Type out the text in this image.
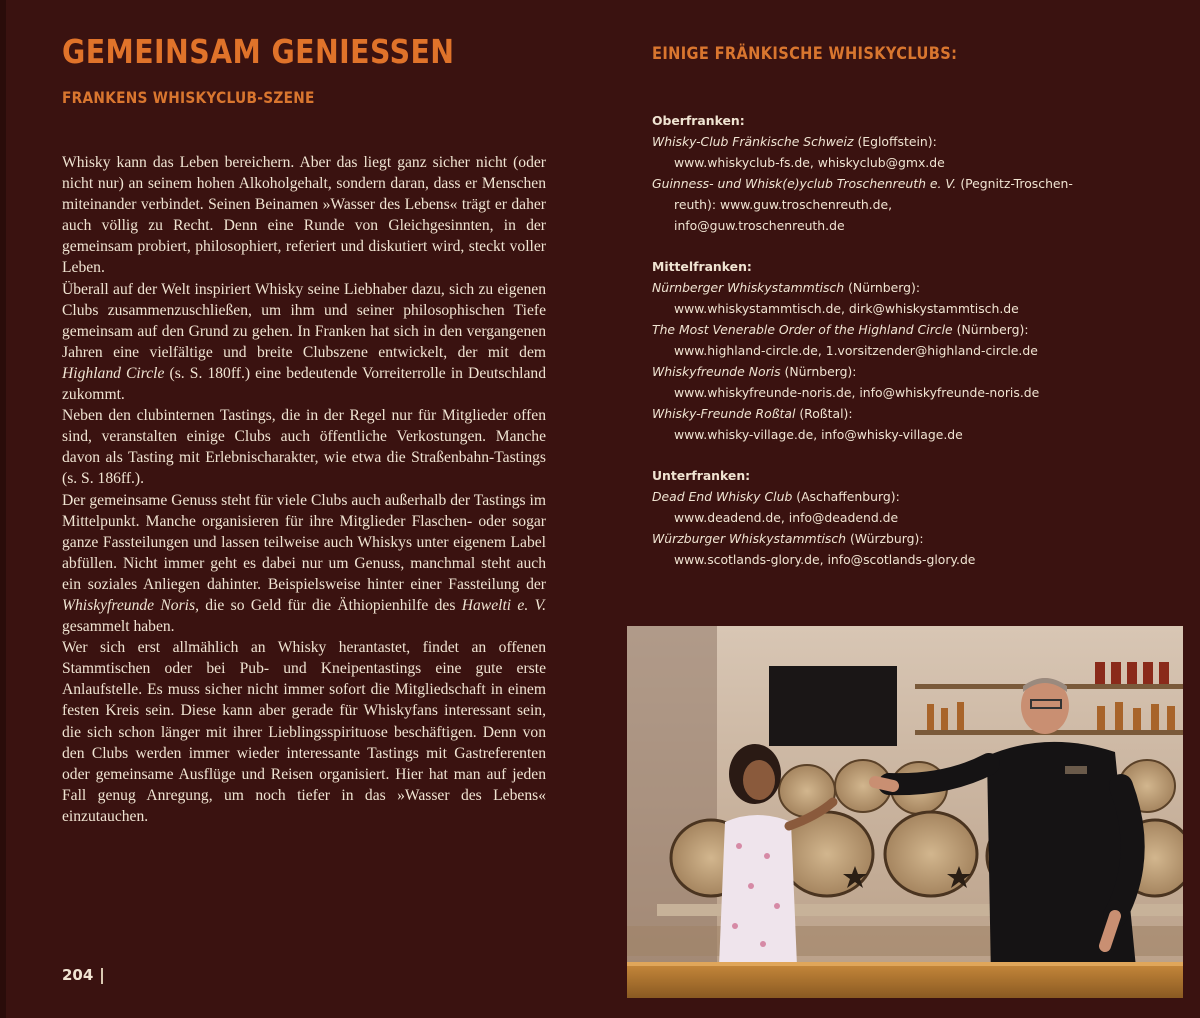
GEMEINSAM GENIESSEN
FRANKENS WHISKYCLUB-SZENE

Whisky kann das Leben bereichern. Aber das liegt ganz sicher nicht (oder nicht nur) an seinem hohen Alkoholgehalt, sondern daran, dass er Menschen miteinander verbindet. Seinen Beinamen »Wasser des Lebens« trägt er daher auch völlig zu Recht. Denn eine Runde von Gleichgesinnten, in der gemeinsam probiert, philosophiert, referiert und diskutiert wird, steckt voller Leben.

Überall auf der Welt inspiriert Whisky seine Liebhaber dazu, sich zu eigenen Clubs zusammenzuschließen, um ihm und seiner philosophischen Tiefe gemeinsam auf den Grund zu gehen. In Franken hat sich in den vergangenen Jahren eine vielfältige und breite Clubszene entwickelt, der mit dem Highland Circle (s. S. 180ff.) eine bedeutende Vorreiterrolle in Deutschland zukommt.

Neben den clubinternen Tastings, die in der Regel nur für Mitglieder offen sind, veranstalten einige Clubs auch öffentliche Verkostungen. Manche davon als Tasting mit Erlebnischarakter, wie etwa die Straßenbahn-Tastings (s. S. 186ff.).

Der gemeinsame Genuss steht für viele Clubs auch außerhalb der Tastings im Mittelpunkt. Manche organisieren für ihre Mitglieder Flaschen- oder sogar ganze Fassteilungen und lassen teilweise auch Whiskys unter eigenem Label abfüllen. Nicht immer geht es dabei nur um Genuss, manchmal steht auch ein soziales Anliegen dahinter. Beispielsweise hinter einer Fassteilung der Whiskyfreunde Noris, die so Geld für die Äthiopienhilfe des Hawelti e. V. gesammelt haben.

Wer sich erst allmählich an Whisky herantastet, findet an offenen Stammtischen oder bei Pub- und Kneipentastings eine gute erste Anlaufstelle. Es muss sicher nicht immer sofort die Mitgliedschaft in einem festen Kreis sein. Diese kann aber gerade für Whiskyfans interessant sein, die sich schon länger mit ihrer Lieblingsspirituose beschäftigen. Denn von den Clubs werden immer wieder interessante Tastings mit Gastreferenten oder gemeinsame Ausflüge und Reisen organisiert. Hier hat man auf jeden Fall genug Anregung, um noch tiefer in das »Wasser des Lebens« einzutauchen.

204
EINIGE FRÄNKISCHE WHISKYCLUBS:
Oberfranken:
Whisky-Club Fränkische Schweiz (Egloffstein):
www.whiskyclub-fs.de, whiskyclub@gmx.de
Guinness- und Whisk(e)yclub Troschenreuth e. V. (Pegnitz-Troschen-
reuth): www.guw.troschenreuth.de,
info@guw.troschenreuth.de
Mittelfranken:
Nürnberger Whiskystammtisch (Nürnberg):
www.whiskystammtisch.de, dirk@whiskystammtisch.de
The Most Venerable Order of the Highland Circle (Nürnberg):
www.highland-circle.de, 1.vorsitzender@highland-circle.de
Whiskyfreunde Noris (Nürnberg):
www.whiskyfreunde-noris.de, info@whiskyfreunde-noris.de
Whisky-Freunde Roßtal (Roßtal):
www.whisky-village.de, info@whisky-village.de
Unterfranken:
Dead End Whisky Club (Aschaffenburg):
www.deadend.de, info@deadend.de
Würzburger Whiskystammtisch (Würzburg):
www.scotlands-glory.de, info@scotlands-glory.de
